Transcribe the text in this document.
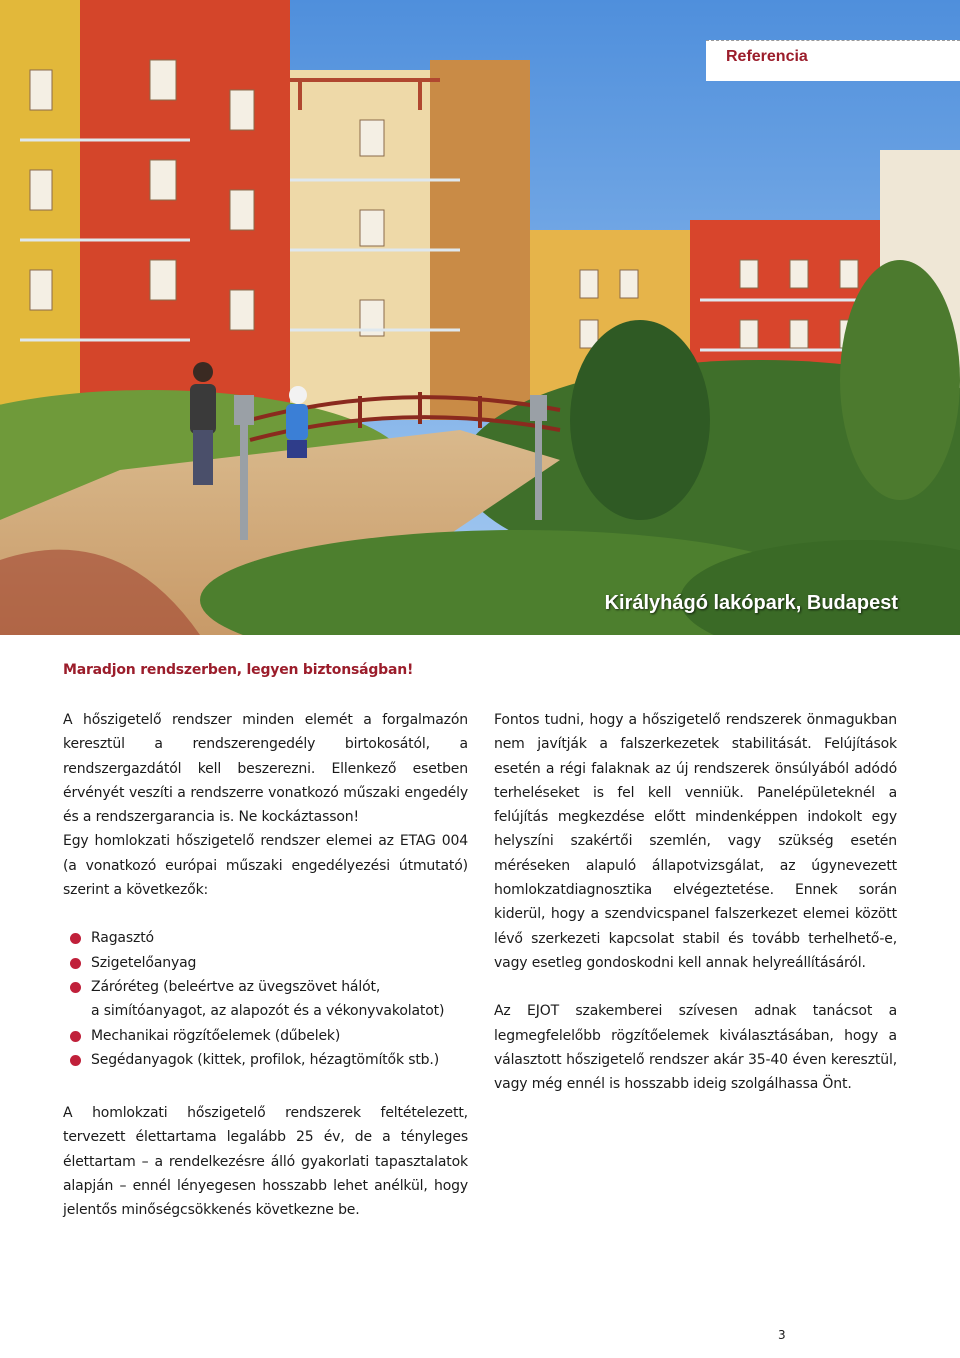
Referencia
Királyhágó lakópark, Budapest
Maradjon rendszerben, legyen biztonságban!

A hőszigetelő rendszer minden elemét a forgalmazón keresztül a rendszerengedély birtokosától, a rendszergazdától kell beszerezni. Ellenkező esetben érvényét veszíti a rendszerre vonatkozó műszaki engedély és a rendszergarancia is. Ne kockáztasson!

Egy homlokzati hőszigetelő rendszer elemei az ETAG 004 (a vonatkozó európai műszaki engedélyezési útmutató) szerint a következők:

Ragasztó
Szigetelőanyag
Záróréteg (beleértve az üvegszövet hálót,
a simítóanyagot, az alapozót és a vékonyvakolatot)
Mechanikai rögzítőelemek (dűbelek)
Segédanyagok (kittek, profilok, hézagtömítők stb.)

Fontos tudni, hogy a hőszigetelő rendszerek önmagukban nem javítják a falszerkezetek stabilitását. Felújítások esetén a régi falaknak az új rendszerek önsúlyából adódó terheléseket is fel kell venniük. Panelépületeknél a felújítás megkezdése előtt mindenképpen indokolt egy helyszíni szakértői szemlén, vagy szükség esetén méréseken alapuló állapotvizsgálat, az úgynevezett homlokzatdiagnosztika elvégeztetése. Ennek során kiderül, hogy a szendvicspanel falszerkezet elemei között lévő szerkezeti kapcsolat stabil és tovább terhelhető-e, vagy esetleg gondoskodni kell annak helyreállításáról.

Az EJOT szakemberei szívesen adnak tanácsot a legmegfelelőbb rögzítőelemek kiválasztásában, hogy a választott hőszigetelő rendszer akár 35-40 éven keresztül, vagy még ennél is hosszabb ideig szolgálhassa Önt.

A homlokzati hőszigetelő rendszerek feltételezett, tervezett élettartama legalább 25 év, de a tényleges élettartam – a rendelkezésre álló gyakorlati tapasztalatok alapján – ennél lényegesen hosszabb lehet anélkül, hogy jelentős minőségcsökkenés következne be.

3
